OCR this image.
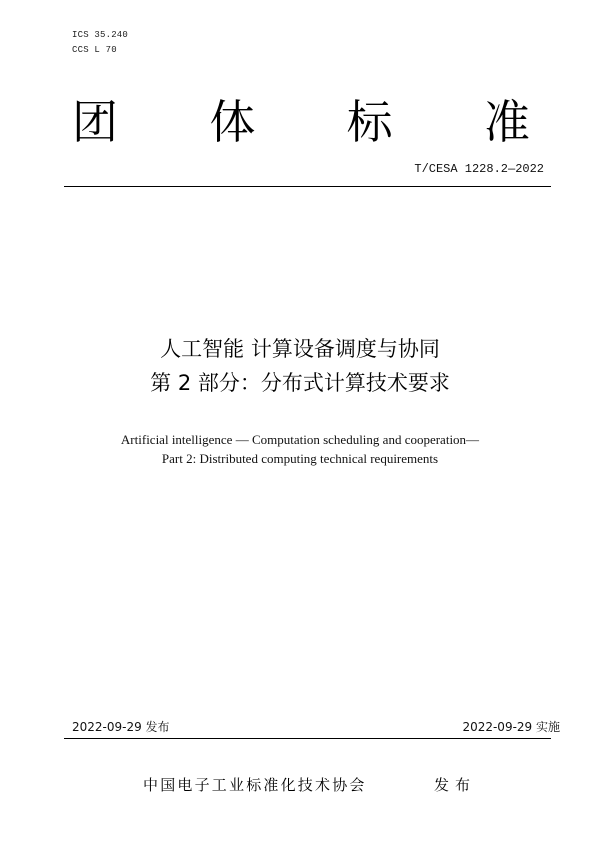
ICS 35.240
CCS L 70
团 体 标 准
T/CESA 1228.2—2022
人工智能 计算设备调度与协同
第 2 部分：分布式计算技术要求
Artificial intelligence — Computation scheduling and cooperation—
Part 2: Distributed computing technical requirements
2022-09-29 发布	2022-09-29 实施
中国电子工业标准化技术协会	发布
